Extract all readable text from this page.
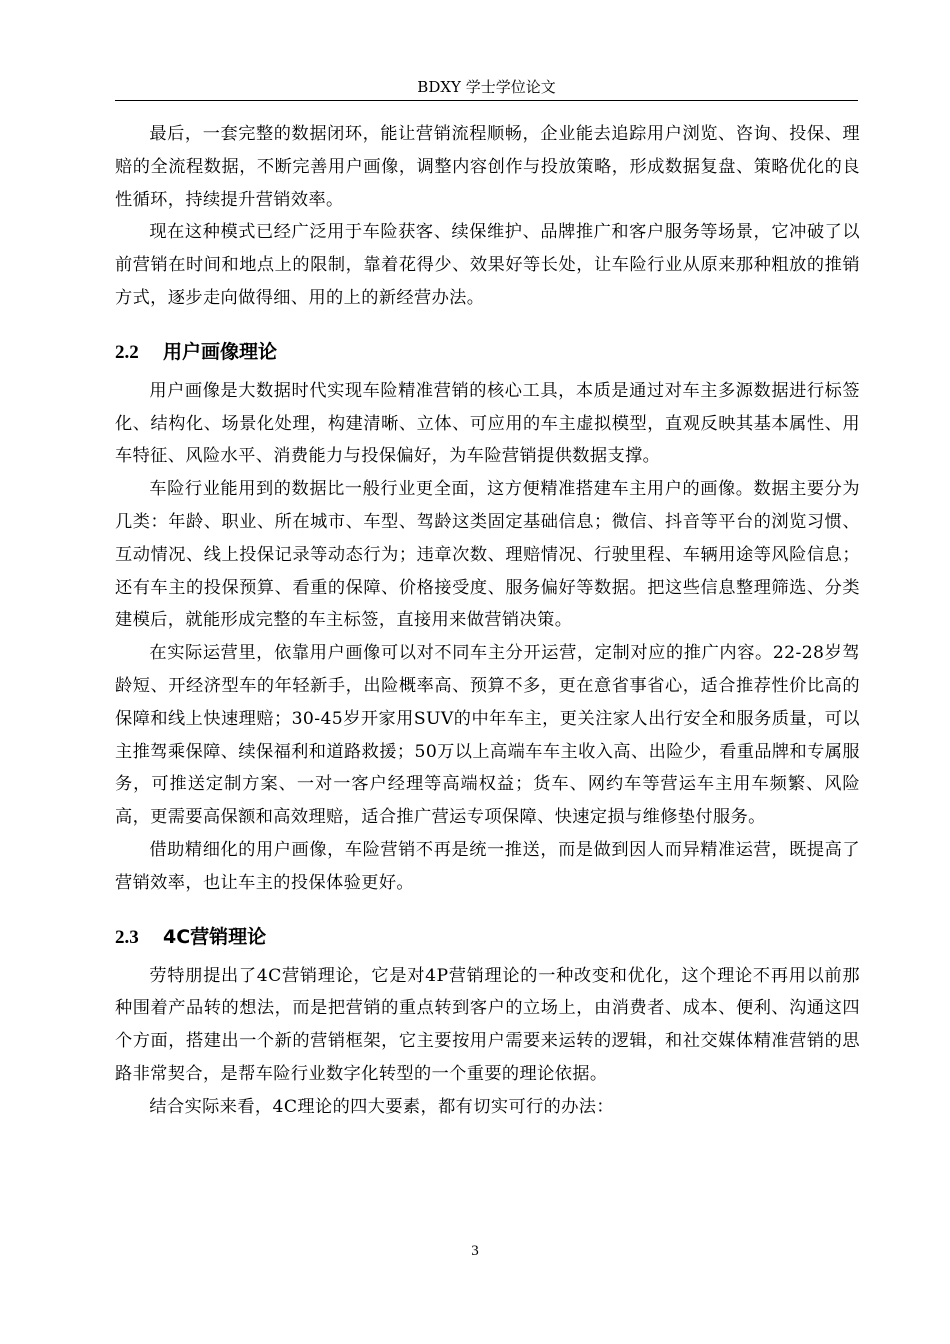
BDXY 学士学位论文

最后，一套完整的数据闭环，能让营销流程顺畅，企业能去追踪用户浏览、咨询、投保、理赔的全流程数据，不断完善用户画像，调整内容创作与投放策略，形成数据复盘、策略优化的良性循环，持续提升营销效率。

现在这种模式已经广泛用于车险获客、续保维护、品牌推广和客户服务等场景，它冲破了以前营销在时间和地点上的限制，靠着花得少、效果好等长处，让车险行业从原来那种粗放的推销方式，逐步走向做得细、用的上的新经营办法。

2.2 用户画像理论

用户画像是大数据时代实现车险精准营销的核心工具，本质是通过对车主多源数据进行标签化、结构化、场景化处理，构建清晰、立体、可应用的车主虚拟模型，直观反映其基本属性、用车特征、风险水平、消费能力与投保偏好，为车险营销提供数据支撑。

车险行业能用到的数据比一般行业更全面，这方便精准搭建车主用户的画像。数据主要分为几类：年龄、职业、所在城市、车型、驾龄这类固定基础信息；微信、抖音等平台的浏览习惯、互动情况、线上投保记录等动态行为；违章次数、理赔情况、行驶里程、车辆用途等风险信息；还有车主的投保预算、看重的保障、价格接受度、服务偏好等数据。把这些信息整理筛选、分类建模后，就能形成完整的车主标签，直接用来做营销决策。

在实际运营里，依靠用户画像可以对不同车主分开运营，定制对应的推广内容。22-28岁驾龄短、开经济型车的年轻新手，出险概率高、预算不多，更在意省事省心，适合推荐性价比高的保障和线上快速理赔；30-45岁开家用SUV的中年车主，更关注家人出行安全和服务质量，可以主推驾乘保障、续保福利和道路救援；50万以上高端车车主收入高、出险少，看重品牌和专属服务，可推送定制方案、一对一客户经理等高端权益；货车、网约车等营运车主用车频繁、风险高，更需要高保额和高效理赔，适合推广营运专项保障、快速定损与维修垫付服务。

借助精细化的用户画像，车险营销不再是统一推送，而是做到因人而异精准运营，既提高了营销效率，也让车主的投保体验更好。

2.3 4C营销理论

劳特朋提出了4C营销理论，它是对4P营销理论的一种改变和优化，这个理论不再用以前那种围着产品转的想法，而是把营销的重点转到客户的立场上，由消费者、成本、便利、沟通这四个方面，搭建出一个新的营销框架，它主要按用户需要来运转的逻辑，和社交媒体精准营销的思路非常契合，是帮车险行业数字化转型的一个重要的理论依据。

结合实际来看，4C理论的四大要素，都有切实可行的办法：

3
